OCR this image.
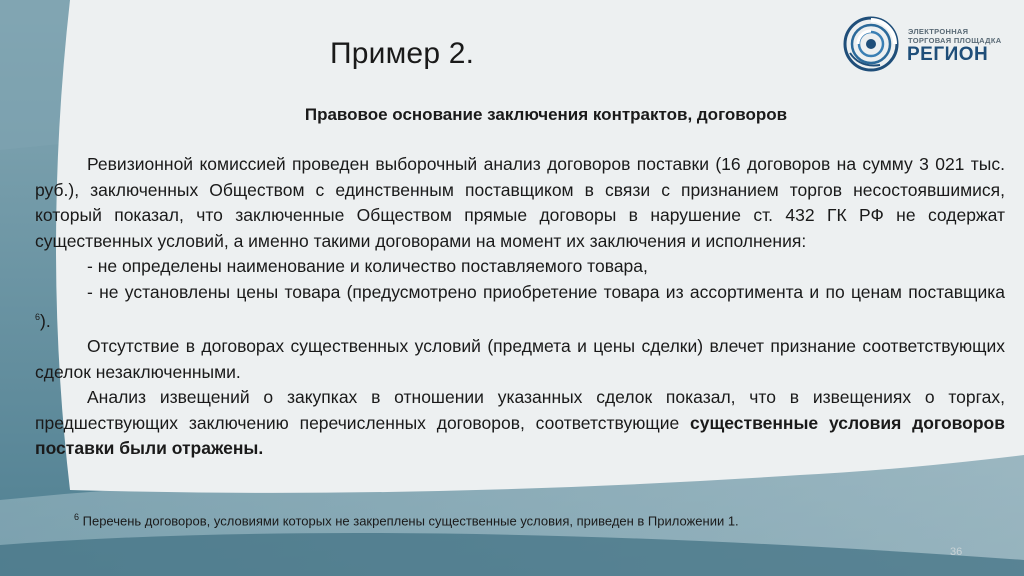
Пример 2.
ЭЛЕКТРОННАЯ
ТОРГОВАЯ ПЛОЩАДКА
РЕГИОН
Правовое основание заключения контрактов, договоров

Ревизионной комиссией проведен выборочный анализ договоров поставки (16 договоров на сумму 3 021 тыс. руб.), заключенных Обществом с единственным поставщиком в связи с признанием торгов несостоявшимися, который показал, что заключенные Обществом прямые договоры в нарушение ст. 432 ГК РФ не содержат существенных условий, а именно такими договорами на момент их заключения и исполнения:

- не определены наименование и количество поставляемого товара,

- не установлены цены товара (предусмотрено приобретение товара из ассортимента и по ценам поставщика $^6$).

Отсутствие в договорах существенных условий (предмета и цены сделки) влечет признание соответствующих сделок незаключенными.

Анализ извещений о закупках в отношении указанных сделок показал, что в извещениях о торгах, предшествующих заключению перечисленных договоров, соответствующие существенные условия договоров поставки были отражены.

$^6$ Перечень договоров, условиями которых не закреплены существенные условия, приведен в Приложении 1.
36
